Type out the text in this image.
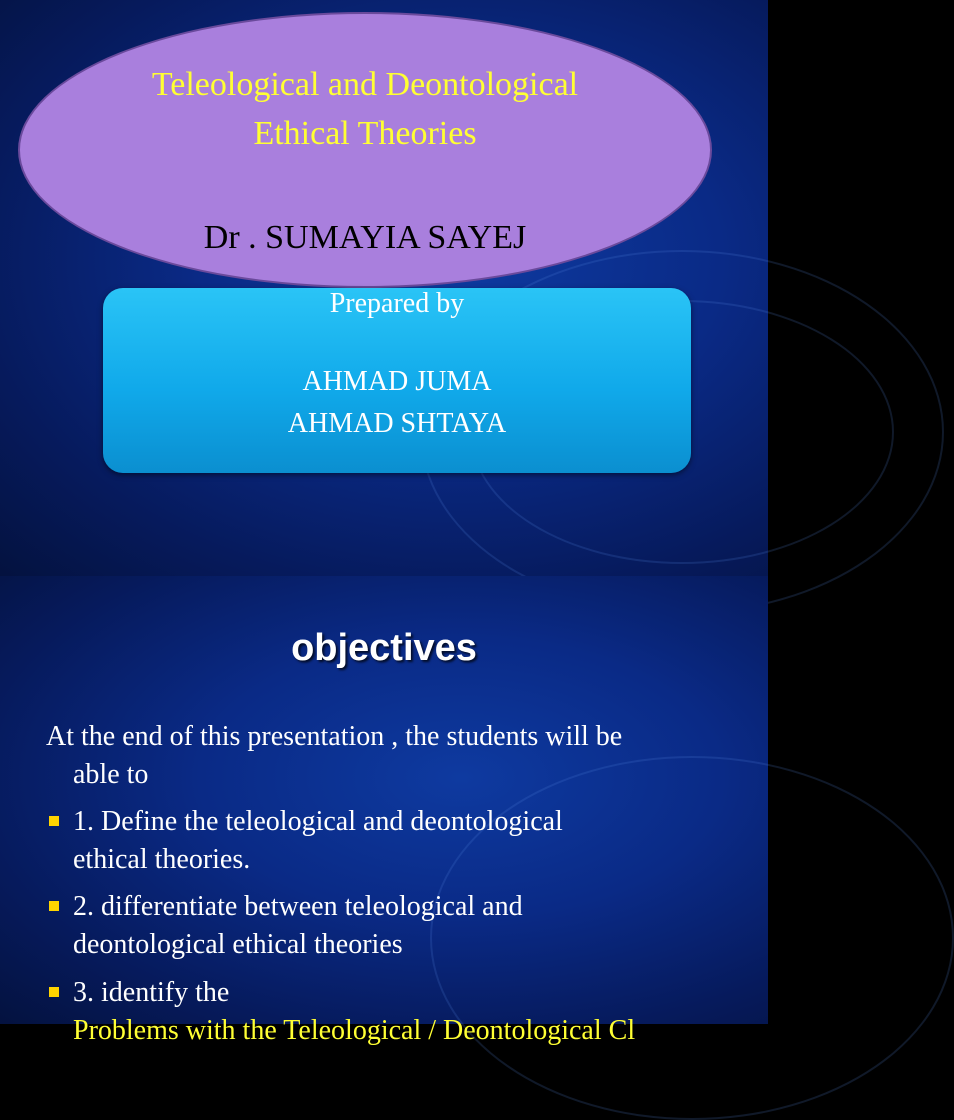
Teleological and Deontological
Ethical Theories
Dr . SUMAYIA SAYEJ
Prepared by
AHMAD JUMA
AHMAD SHTAYA
objectives
At the end of this presentation , the students will be
able to
1. Define the teleological and deontological
ethical theories.
2. differentiate between teleological and
deontological ethical theories
3. identify the
Problems with the Teleological / Deontological Cl
